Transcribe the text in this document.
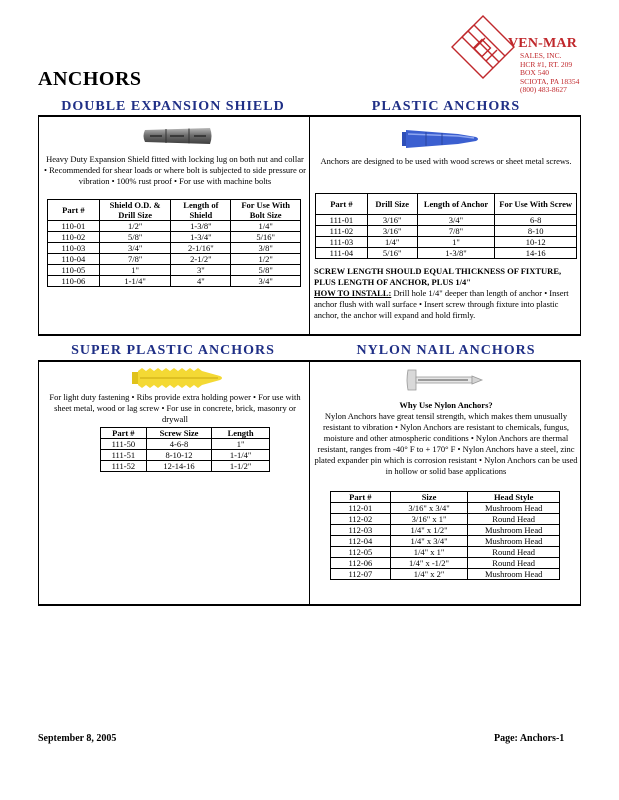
VEN-MAR
SALES, INC.
HCR #1, RT. 209
BOX 540
SCIOTA, PA 18354
(800) 483-8627
ANCHORS
DOUBLE EXPANSION SHIELD	PLASTIC ANCHORS
Heavy Duty Expansion Shield fitted with locking lug on both nut and collar • Recommended for shear loads or where bolt is subjected to side pressure or vibration • 100% rust proof • For use with machine bolts
Part #	Shield O.D. & Drill Size	Length of Shield	For Use With Bolt Size
110-01	1/2"	1-3/8"	1/4"
110-02	5/8"	1-3/4"	5/16"
110-03	3/4"	2-1/16"	3/8"
110-04	7/8"	2-1/2"	1/2"
110-05	1"	3"	5/8"
110-06	1-1/4"	4"	3/4"
Anchors are designed to be used with wood screws or sheet metal screws.
Part #	Drill Size	Length of Anchor	For Use With Screw
111-01	3/16"	3/4"	6-8
111-02	3/16"	7/8"	8-10
111-03	1/4"	1"	10-12
111-04	5/16"	1-3/8"	14-16
SCREW LENGTH SHOULD EQUAL THICKNESS OF FIXTURE, PLUS LENGTH OF ANCHOR, PLUS 1/4"
HOW TO INSTALL: Drill hole 1/4" deeper than length of anchor • Insert anchor flush with wall surface • Insert screw through fixture into plastic anchor, the anchor will expand and hold firmly.
SUPER PLASTIC ANCHORS	NYLON NAIL ANCHORS
For light duty fastening • Ribs provide extra holding power • For use with sheet metal, wood or lag screw • For use in concrete, brick, masonry or drywall
Part #	Screw Size	Length
111-50	4-6-8	1"
111-51	8-10-12	1-1/4"
111-52	12-14-16	1-1/2"
Why Use Nylon Anchors?
Nylon Anchors have great tensil strength, which makes them unusually resistant to vibration • Nylon Anchors are resistant to chemicals, fungus, moisture and other atmospheric conditions • Nylon Anchors are thermal resistant, ranges from -40° F to + 170° F • Nylon Anchors have a steel, zinc plated expander pin which is corrosion resistant • Nylon Anchors can be used in hollow or solid base applications
Part #	Size	Head Style
112-01	3/16" x 3/4"	Mushroom Head
112-02	3/16" x 1"	Round Head
112-03	1/4" x 1/2"	Mushroom Head
112-04	1/4" x 3/4"	Mushroom Head
112-05	1/4" x 1"	Round Head
112-06	1/4" x -1/2"	Round Head
112-07	1/4" x 2"	Mushroom Head
September 8, 2005	Page: Anchors-1
